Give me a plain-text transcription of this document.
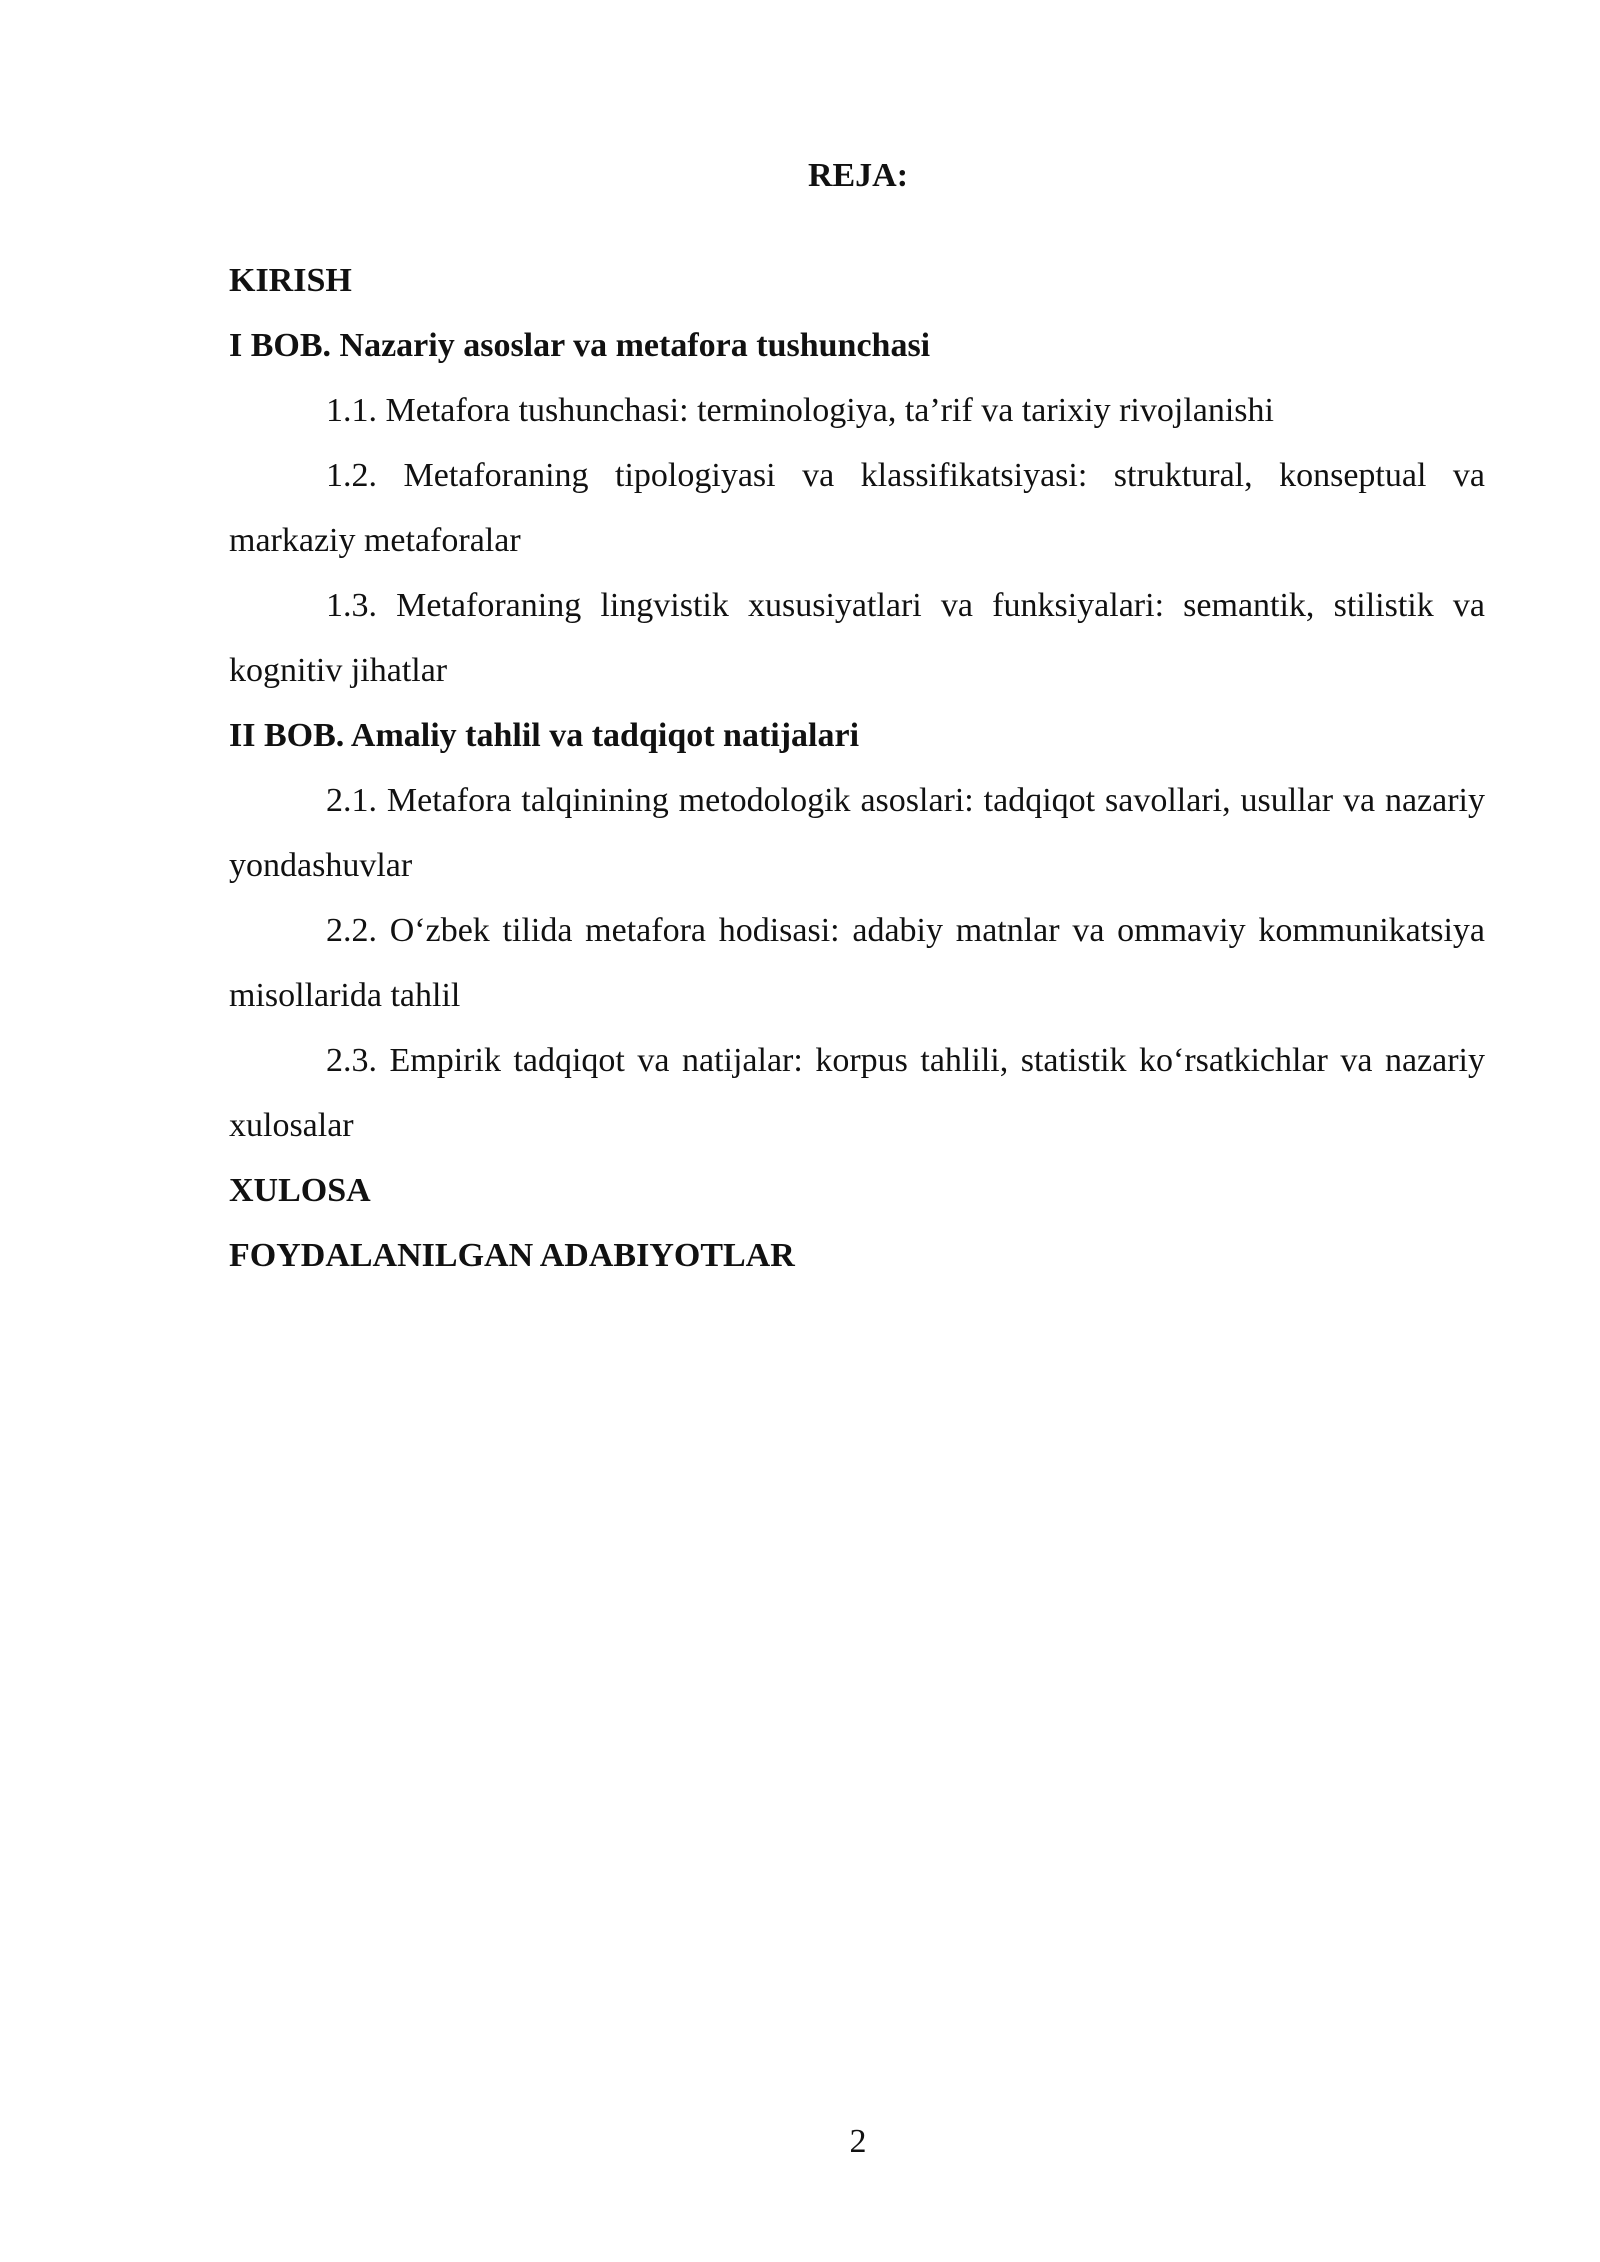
REJA:

KIRISH

I BOB. Nazariy asoslar va metafora tushunchasi

1.1. Metafora tushunchasi: terminologiya, ta’rif va tarixiy rivojlanishi

1.2. Metaforaning tipologiyasi va klassifikatsiyasi: struktural, konseptual va markaziy metaforalar

1.3. Metaforaning lingvistik xususiyatlari va funksiyalari: semantik, stilistik va kognitiv jihatlar

II BOB. Amaliy tahlil va tadqiqot natijalari

2.1. Metafora talqinining metodologik asoslari: tadqiqot savollari, usullar va nazariy yondashuvlar

2.2. O‘zbek tilida metafora hodisasi: adabiy matnlar va ommaviy kommunikatsiya misollarida tahlil

2.3. Empirik tadqiqot va natijalar: korpus tahlili, statistik ko‘rsatkichlar va nazariy xulosalar

XULOSA

FOYDALANILGAN ADABIYOTLAR

2
